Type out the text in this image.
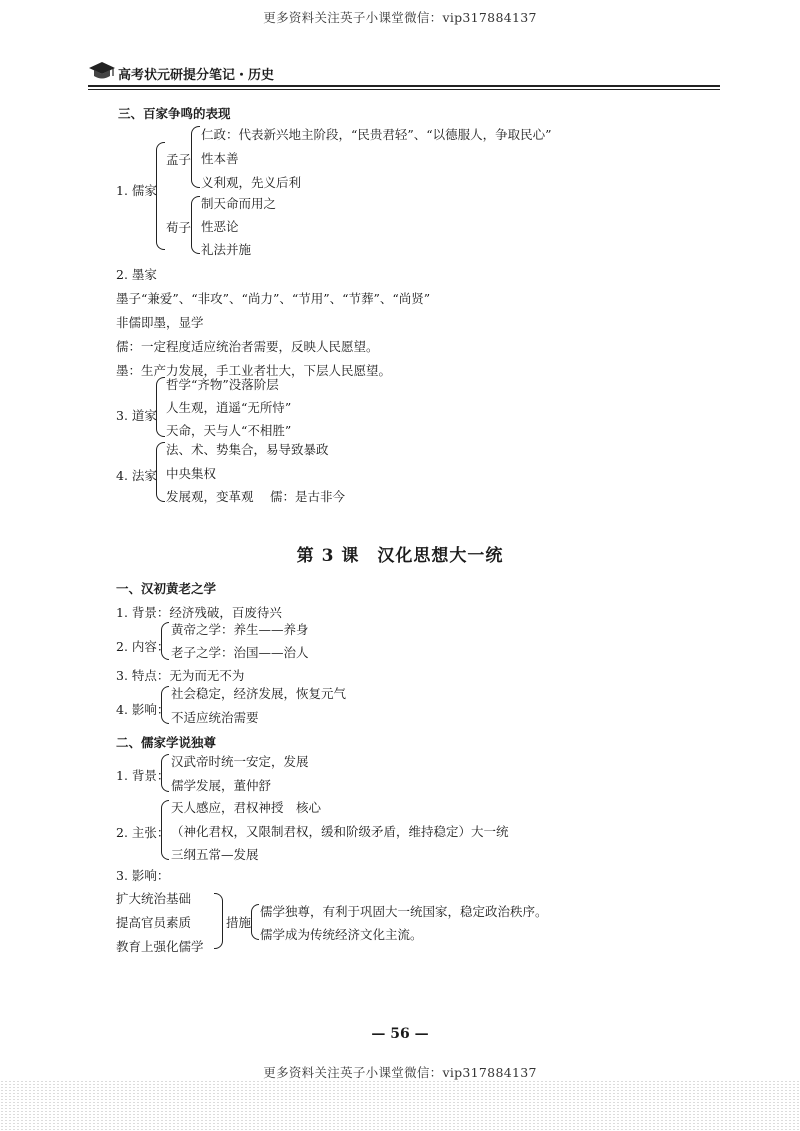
更多资料关注英子小课堂微信：vip317884137
高考状元研提分笔记・历史
三、百家争鸣的表现
1. 儒家
孟子
仁政：代表新兴地主阶段，“民贵君轻”、“以德服人，争取民心”
性本善
义利观，先义后利
荀子
制天命而用之
性恶论
礼法并施
2. 墨家
墨子“兼爱”、“非攻”、“尚力”、“节用”、“节葬”、“尚贤”
非儒即墨，显学
儒：一定程度适应统治者需要，反映人民愿望。
墨：生产力发展，手工业者壮大，下层人民愿望。
3. 道家
哲学“齐物”没落阶层
人生观，逍遥“无所恃”
天命，天与人“不相胜”
4. 法家
法、术、势集合，易导致暴政
中央集权
发展观，变革观 儒：是古非今
第 3 课　汉化思想大一统
一、汉初黄老之学
1. 背景：经济残破，百废待兴
2. 内容：
黄帝之学：养生——养身
老子之学：治国——治人
3. 特点：无为而无不为
4. 影响：
社会稳定，经济发展，恢复元气
不适应统治需要
二、儒家学说独尊
1. 背景：
汉武帝时统一安定，发展
儒学发展，董仲舒
2. 主张：
天人感应，君权神授　核心
（神化君权，又限制君权，缓和阶级矛盾，维持稳定）大一统
三纲五常—发展
3. 影响：
扩大统治基础
提高官员素质
教育上强化儒学
措施
儒学独尊，有利于巩固大一统国家，稳定政治秩序。
儒学成为传统经济文化主流。
— 56 —
更多资料关注英子小课堂微信：vip317884137
